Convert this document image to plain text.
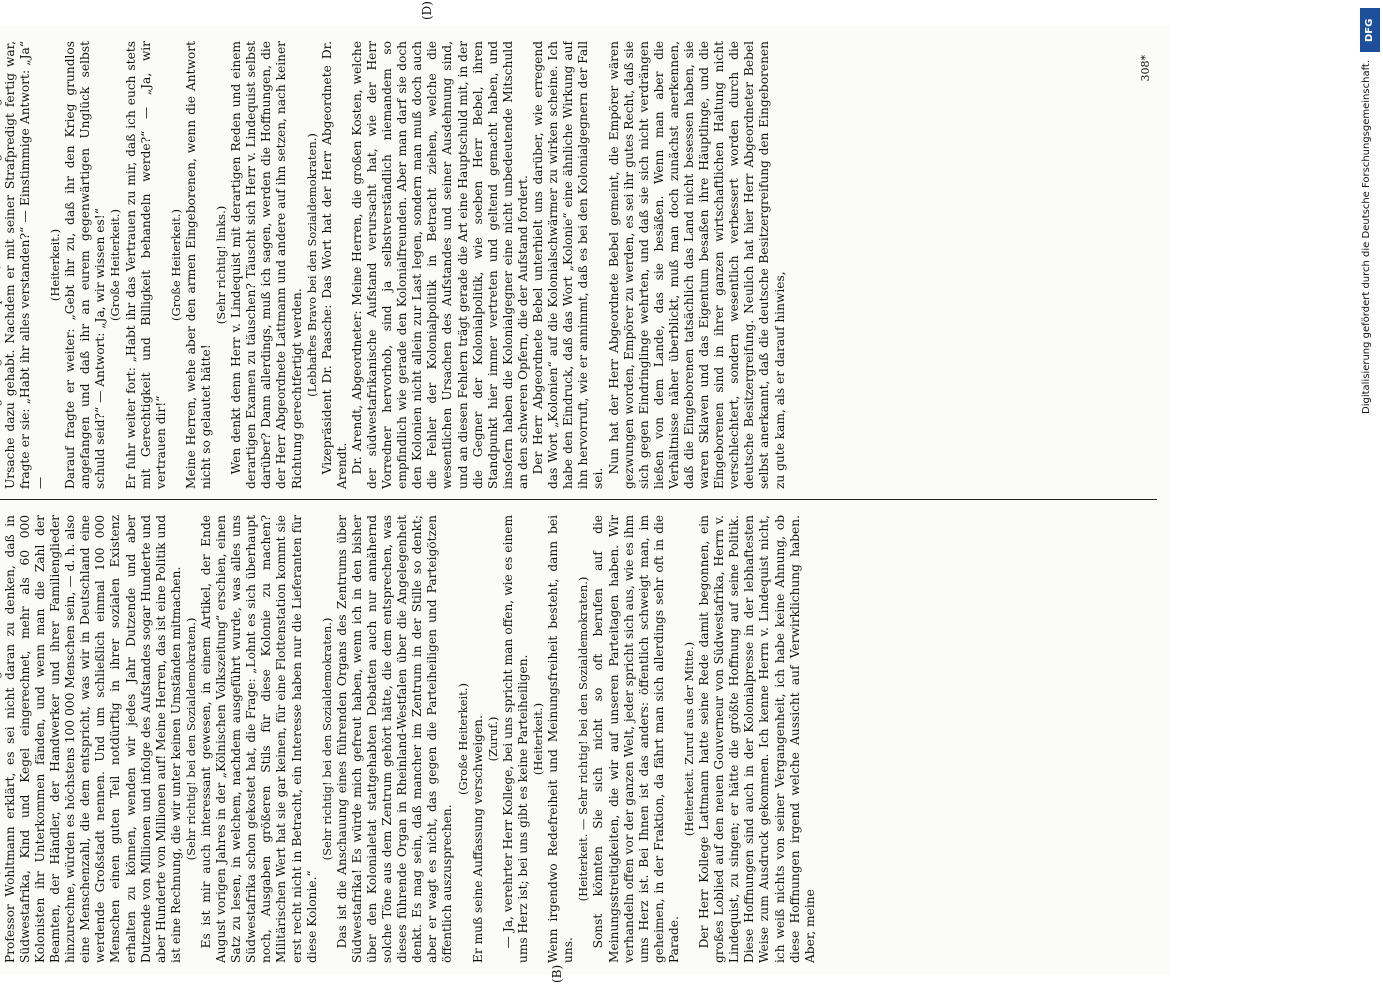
Professor Wohltmann erklärt, es sei nicht daran zu denken, daß in Südwestafrika, Kind und Kegel eingerechnet, mehr als 60 000 Kolonisten ihr Unterkommen fänden, und wenn man die Zahl der Beamten, der Händler, der Handwerker und ihrer Familienglieder hinzurechne, würden es höchstens 100 000 Menschen sein, — d. h. also eine Menschenzahl, die dem entspricht, was wir in Deutschland eine werdende Großstadt nennen. Und um schließlich einmal 100 000 Menschen einen guten Teil notdürftig in ihrer sozialen Existenz erhalten zu können, wenden wir jedes Jahr Dutzende und aber Dutzende von Millionen und infolge des Aufstandes sogar Hunderte und aber Hunderte von Millionen auf! Meine Herren, das ist eine Politik und ist eine Rechnung, die wir unter keinen Umständen mitmachen.

(Sehr richtig! bei den Sozialdemokraten.) Es ist mir auch interessant gewesen, in einem Artikel, der Ende August vorigen Jahres in der „Kölnischen Volkszeitung“ erschien, einen Satz zu lesen, in welchem, nachdem ausgeführt wurde, was alles uns Südwestafrika schon gekostet hat, die Frage: „Lohnt es sich überhaupt noch, Ausgaben größeren Stils für diese Kolonie zu machen? Militärischen Wert hat sie gar keinen, für eine Flottenstation kommt sie erst recht nicht in Betracht, ein Interesse haben nur die Lieferanten für diese Kolonie.“

(Sehr richtig! bei den Sozialdemokraten.) Das ist die Anschauung eines führenden Organs des Zentrums über Südwestafrika! Es würde mich gefreut haben, wenn ich in den bisher über den Kolonialetat stattgehabten Debatten auch nur annähernd solche Töne aus dem Zentrum gehört hätte, die dem entsprechen, was dieses führende Organ in Rheinland-Westfalen über die Angelegenheit denkt. Es mag sein, daß mancher im Zentrum in der Stille so denkt; aber er wagt es nicht, das gegen die Parteiheiligen und Parteigötzen öffentlich auszusprechen.

(Große Heiterkeit.) Er muß seine Auffassung verschweigen. (Zuruf.) — Ja, verehrter Herr Kollege, bei uns spricht man offen, wie es einem ums Herz ist; bei uns gibt es keine Parteiheiligen. (Heiterkeit.) Wenn irgendwo Redefreiheit und Meinungsfreiheit besteht, dann bei uns.

(Heiterkeit. — Sehr richtig! bei den Sozialdemokraten.) Sonst könnten Sie sich nicht so oft berufen auf die Meinungsstreitigkeiten, die wir auf unseren Parteitagen haben. Wir verhandeln offen vor der ganzen Welt, jeder spricht sich aus, wie es ihm ums Herz ist. Bei Ihnen ist das anders: öffentlich schweigt man, im geheimen, in der Fraktion, da fährt man sich allerdings sehr oft in die Parade.

(Heiterkeit. Zuruf aus der Mitte.) Der Herr Kollege Lattmann hatte seine Rede damit begonnen, ein großes Loblied auf den neuen Gouverneur von Südwestafrika, Herrn v. Lindequist, zu singen; er hätte die größte Hoffnung auf seine Politik. Diese Hoffnungen sind auch in der Kolonialpresse in der lebhaftesten Weise zum Ausdruck gekommen. Ich kenne Herrn v. Lindequist nicht, ich weiß nichts von seiner Vergangenheit, ich habe keine Ahnung, ob diese Hoffnungen irgend welche Aussicht auf Verwirklichung haben. Aber, meine

Ursache dazu gehabt. Nachdem er mit seiner Strafpredigt fertig war, fragte er sie: „Habt ihr alles verstanden?“ — Einstimmige Antwort: „Ja“ —

(Heiterkeit.) Darauf fragte er weiter: „Gebt ihr zu, daß ihr den Krieg grundlos angefangen und daß ihr an eurem gegenwärtigen Unglück selbst schuld seid?“ — Antwort: „Ja, wir wissen es!“ (Große Heiterkeit.) Er fuhr weiter fort: „Habt ihr das Vertrauen zu mir, daß ich euch stets mit Gerechtigkeit und Billigkeit behandeln werde?“ — „Ja, wir vertrauen dir!“

(Große Heiterkeit.) Meine Herren, wehe aber den armen Eingeborenen, wenn die Antwort nicht so gelautet hätte!

(Sehr richtig! links.) Wen denkt denn Herr v. Lindequist mit derartigen Reden und einem derartigen Examen zu täuschen? Täuscht sich Herr v. Lindequist selbst darüber? Dann allerdings, muß ich sagen, werden die Hoffnungen, die der Herr Abgeordnete Lattmann und andere auf ihn setzen, nach keiner Richtung gerechtfertigt werden. (Lebhaftes Bravo bei den Sozialdemokraten.) Vizepräsident Dr. Paasche: Das Wort hat der Herr Abgeordnete Dr. Arendt. Dr. Arendt, Abgeordneter: Meine Herren, die großen Kosten, welche der südwestafrikanische Aufstand verursacht hat, wie der Herr Vorredner hervorhob, sind ja selbstverständlich niemandem so empfindlich wie gerade den Kolonialfreunden. Aber man darf sie doch den Kolonien nicht allein zur Last legen, sondern man muß doch auch die Fehler der Kolonialpolitik in Betracht ziehen, welche die wesentlichen Ursachen des Aufstandes und seiner Ausdehnung sind, und an diesen Fehlern trägt gerade die Art eine Hauptschuld mit, in der die Gegner der Kolonialpolitik, wie soeben Herr Bebel, ihren Standpunkt hier immer vertreten und geltend gemacht haben, und insofern haben die Kolonialgegner eine nicht unbedeutende Mitschuld an den schweren Opfern, die der Aufstand fordert. Der Herr Abgeordnete Bebel unterhielt uns darüber, wie erregend das Wort „Kolonien“ auf die Kolonialschwärmer zu wirken scheine. Ich habe den Eindruck, daß das Wort „Kolonie“ eine ähnliche Wirkung auf ihn hervorruft, wie er annimmt, daß es bei den Kolonialgegnern der Fall sei.

Nun hat der Herr Abgeordnete Bebel gemeint, die Empörer wären gezwungen worden, Empörer zu werden, es sei ihr gutes Recht, daß sie sich gegen Eindringlinge wehrten, und daß sie sich nicht verdrängen ließen von dem Lande, das sie besäßen. Wenn man aber die Verhältnisse näher überblickt, muß man doch zunächst anerkennen, daß die Eingeborenen tatsächlich das Land nicht besessen haben, sie waren Sklaven und das Eigentum besaßen ihre Häuptlinge, und die Eingeborenen sind in ihrer ganzen wirtschaftlichen Haltung nicht verschlechtert, sondern wesentlich verbessert worden durch die deutsche Besitzergreifung. Neulich hat hier Herr Abgeordneter Bebel selbst anerkannt, daß die deutsche Besitzergreifung den Eingeborenen zu gute kam, als er darauf hinwies,

(B)
(D)
308*
DFG
Digitalisierung gefördert durch die Deutsche Forschungsgemeinschaft.
